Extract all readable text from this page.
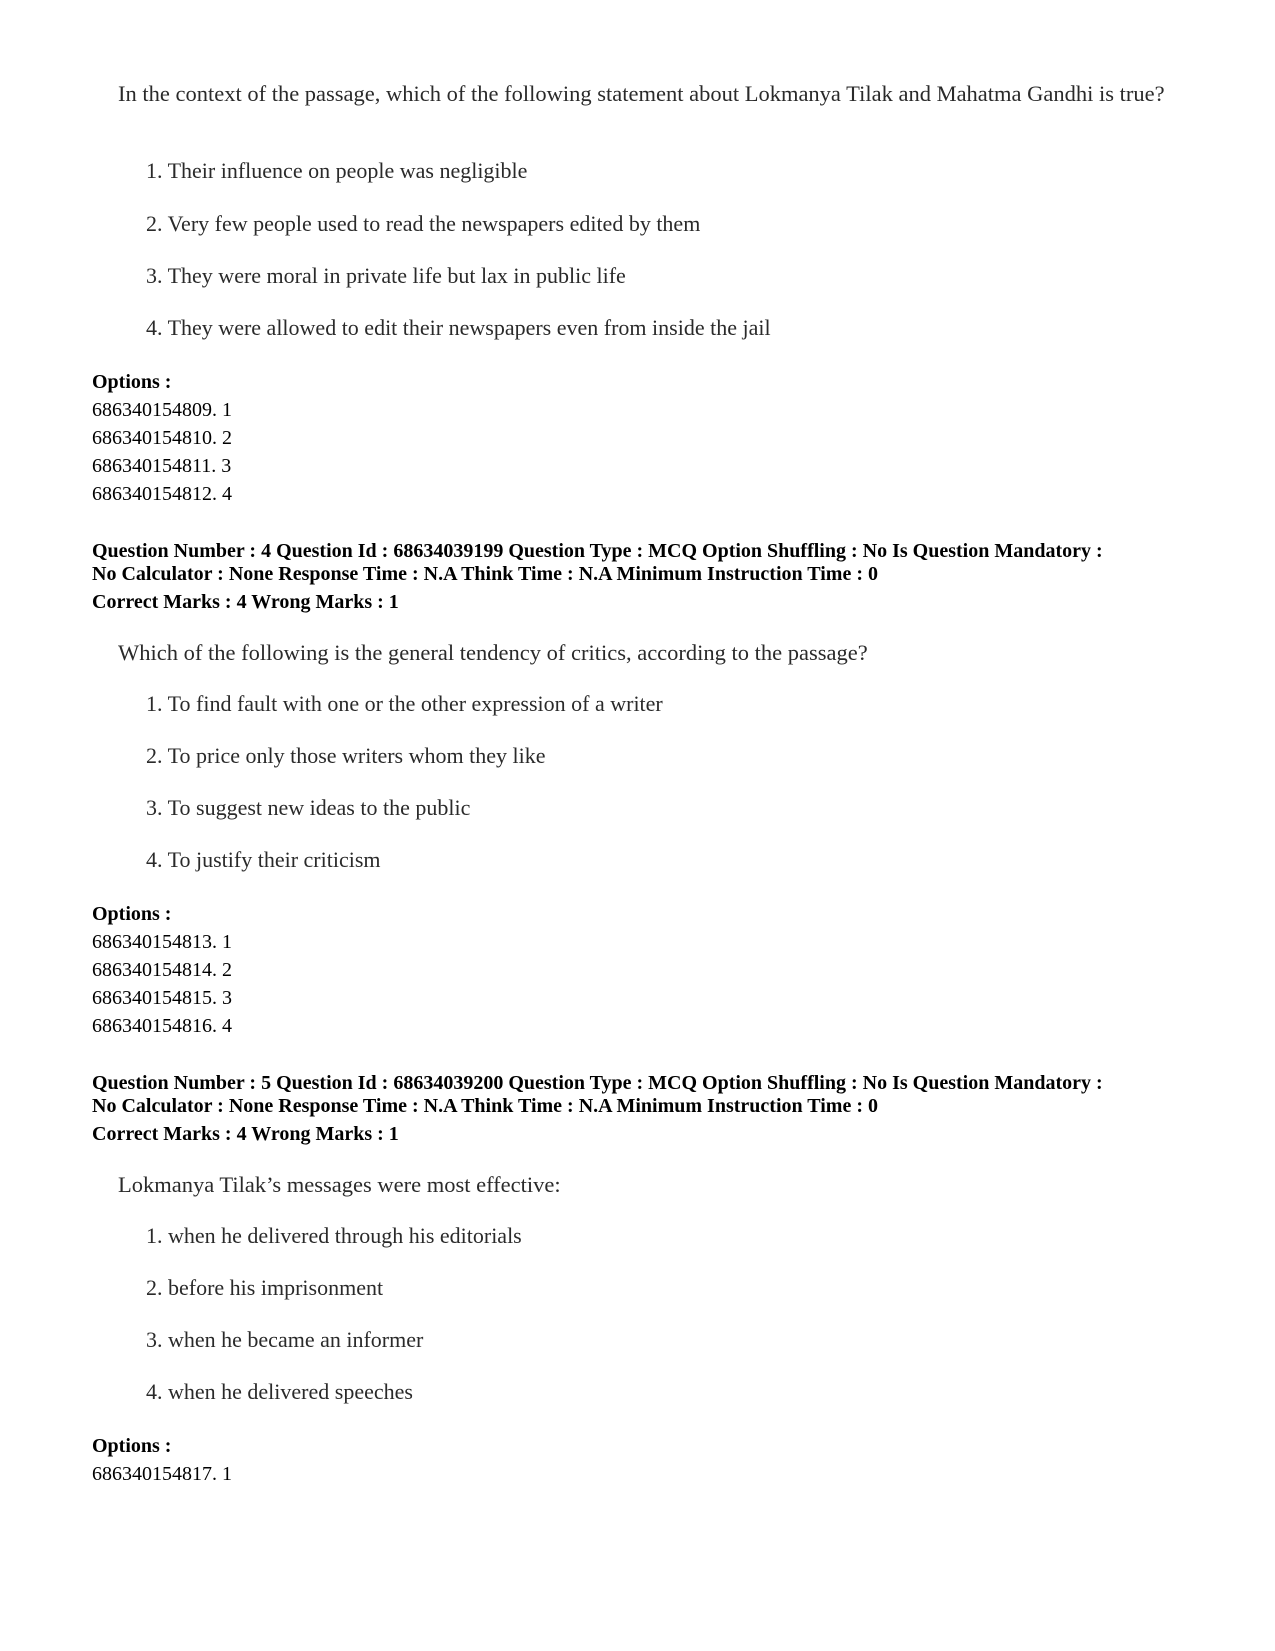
In the context of the passage, which of the following statement about Lokmanya Tilak and Mahatma Gandhi is true?
1. Their influence on people was negligible
2. Very few people used to read the newspapers edited by them
3. They were moral in private life but lax in public life
4. They were allowed to edit their newspapers even from inside the jail
Options :
686340154809. 1
686340154810. 2
686340154811. 3
686340154812. 4
Question Number : 4 Question Id : 68634039199 Question Type : MCQ Option Shuffling : No Is Question Mandatory :
No Calculator : None Response Time : N.A Think Time : N.A Minimum Instruction Time : 0
Correct Marks : 4 Wrong Marks : 1
Which of the following is the general tendency of critics, according to the passage?
1. To find fault with one or the other expression of a writer
2. To price only those writers whom they like
3. To suggest new ideas to the public
4. To justify their criticism
Options :
686340154813. 1
686340154814. 2
686340154815. 3
686340154816. 4
Question Number : 5 Question Id : 68634039200 Question Type : MCQ Option Shuffling : No Is Question Mandatory :
No Calculator : None Response Time : N.A Think Time : N.A Minimum Instruction Time : 0
Correct Marks : 4 Wrong Marks : 1
Lokmanya Tilak’s messages were most effective:
1. when he delivered through his editorials
2. before his imprisonment
3. when he became an informer
4. when he delivered speeches
Options :
686340154817. 1
